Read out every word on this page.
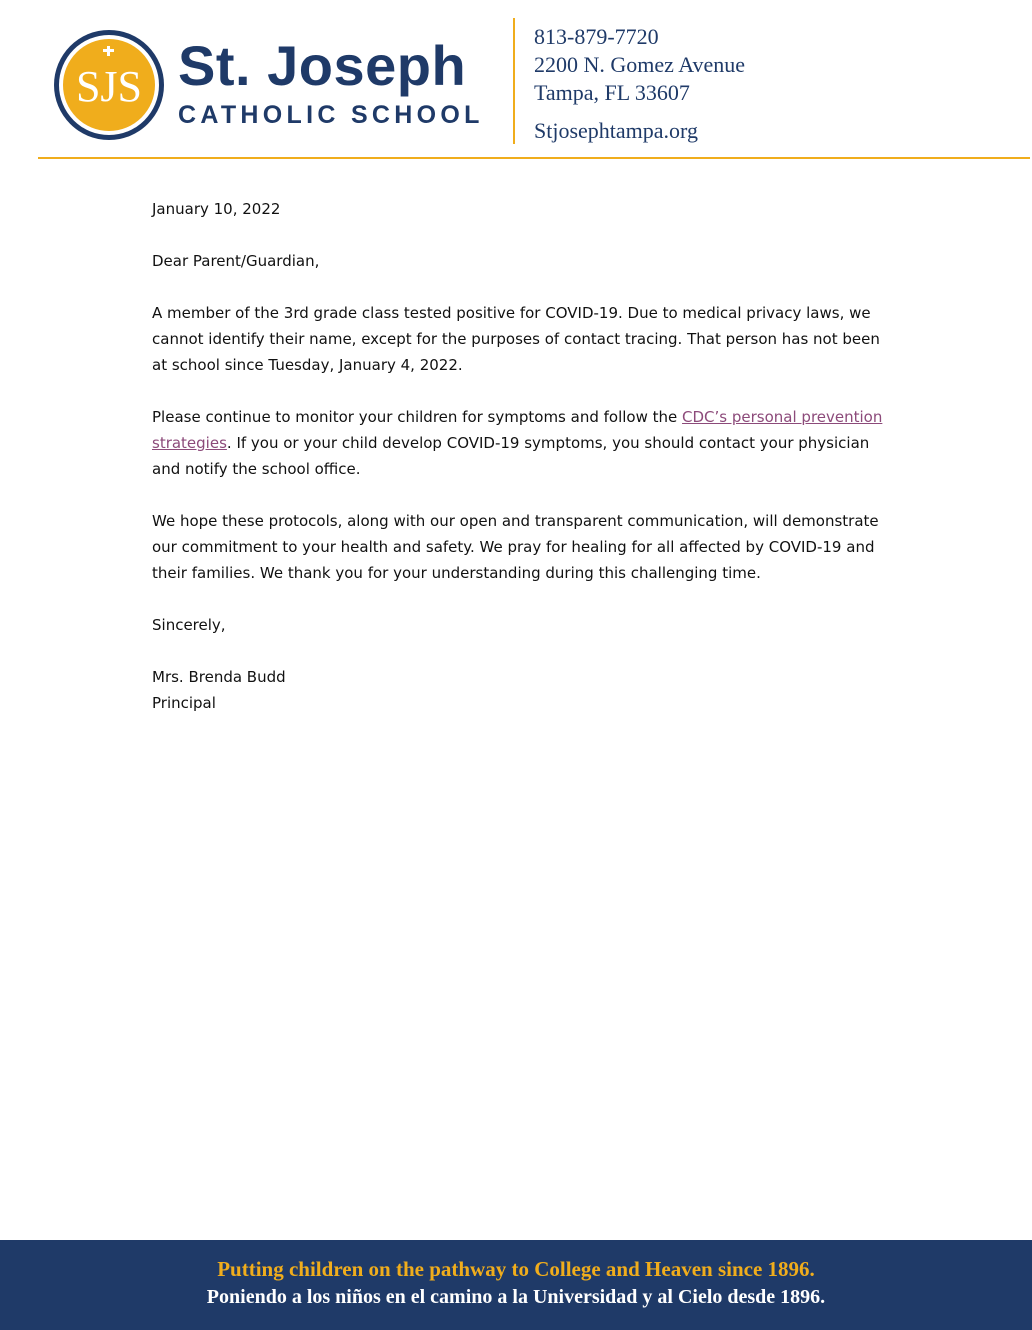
SJS St. Joseph
CATHOLIC SCHOOL
813-879-7720
2200 N. Gomez Avenue
Tampa, FL 33607
Stjosephtampa.org

January 10, 2022

Dear Parent/Guardian,

A member of the 3rd grade class tested positive for COVID-19. Due to medical privacy laws, we cannot identify their name, except for the purposes of contact tracing. That person has not been at school since Tuesday, January 4, 2022.

Please continue to monitor your children for symptoms and follow the CDC’s personal prevention strategies. If you or your child develop COVID-19 symptoms, you should contact your physician and notify the school office.

We hope these protocols, along with our open and transparent communication, will demonstrate our commitment to your health and safety. We pray for healing for all affected by COVID-19 and their families. We thank you for your understanding during this challenging time.

Sincerely,

Mrs. Brenda Budd

Principal

Putting children on the pathway to College and Heaven since 1896.
Poniendo a los niños en el camino a la Universidad y al Cielo desde 1896.
